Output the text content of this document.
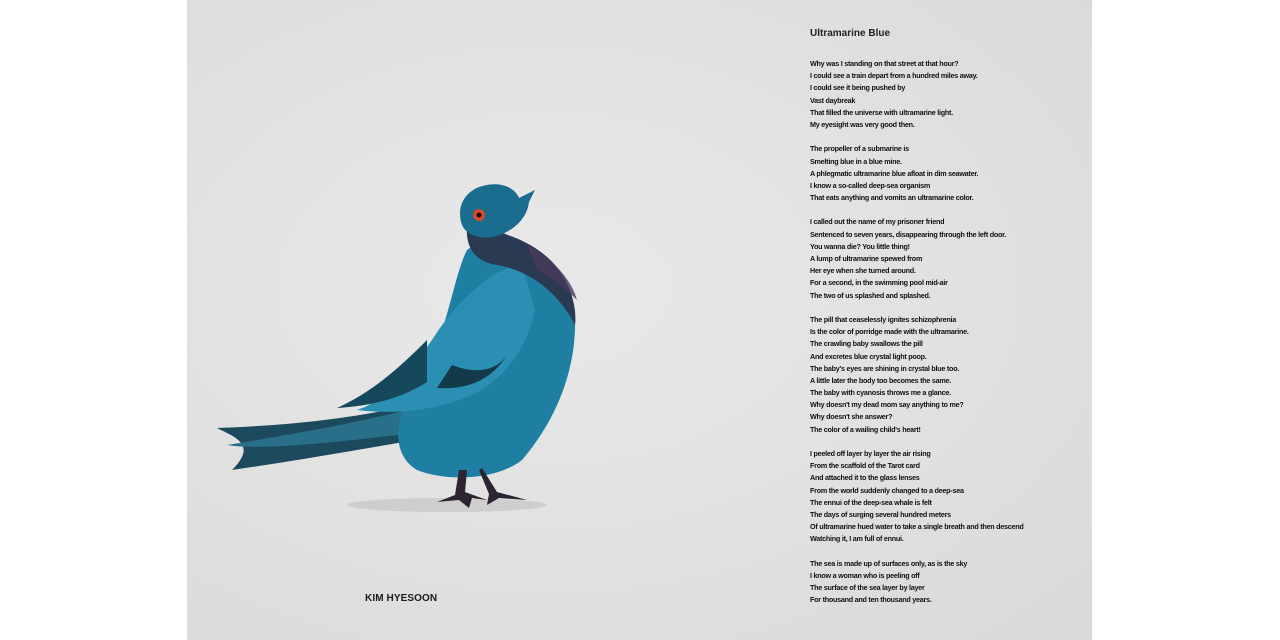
KIM HYESOON
Ultramarine Blue
Why was I standing on that street at that hour?
I could see a train depart from a hundred miles away.
I could see it being pushed by
Vast daybreak
That filled the universe with ultramarine light.
My eyesight was very good then.
The propeller of a submarine is
Smelting blue in a blue mine.
A phlegmatic ultramarine blue afloat in dim seawater.
I know a so-called deep-sea organism
That eats anything and vomits an ultramarine color.
I called out the name of my prisoner friend
Sentenced to seven years, disappearing through the left door.
You wanna die? You little thing!
A lump of ultramarine spewed from
Her eye when she turned around.
For a second, in the swimming pool mid-air
The two of us splashed and splashed.
The pill that ceaselessly ignites schizophrenia
Is the color of porridge made with the ultramarine.
The crawling baby swallows the pill
And excretes blue crystal light poop.
The baby's eyes are shining in crystal blue too.
A little later the body too becomes the same.
The baby with cyanosis throws me a glance.
Why doesn't my dead mom say anything to me?
Why doesn't she answer?
The color of a wailing child's heart!
I peeled off layer by layer the air rising
From the scaffold of the Tarot card
And attached it to the glass lenses
From the world suddenly changed to a deep-sea
The ennui of the deep-sea whale is felt
The days of surging several hundred meters
Of ultramarine hued water to take a single breath and then descend
Watching it, I am full of ennui.
The sea is made up of surfaces only, as is the sky
I know a woman who is peeling off
The surface of the sea layer by layer
For thousand and ten thousand years.
